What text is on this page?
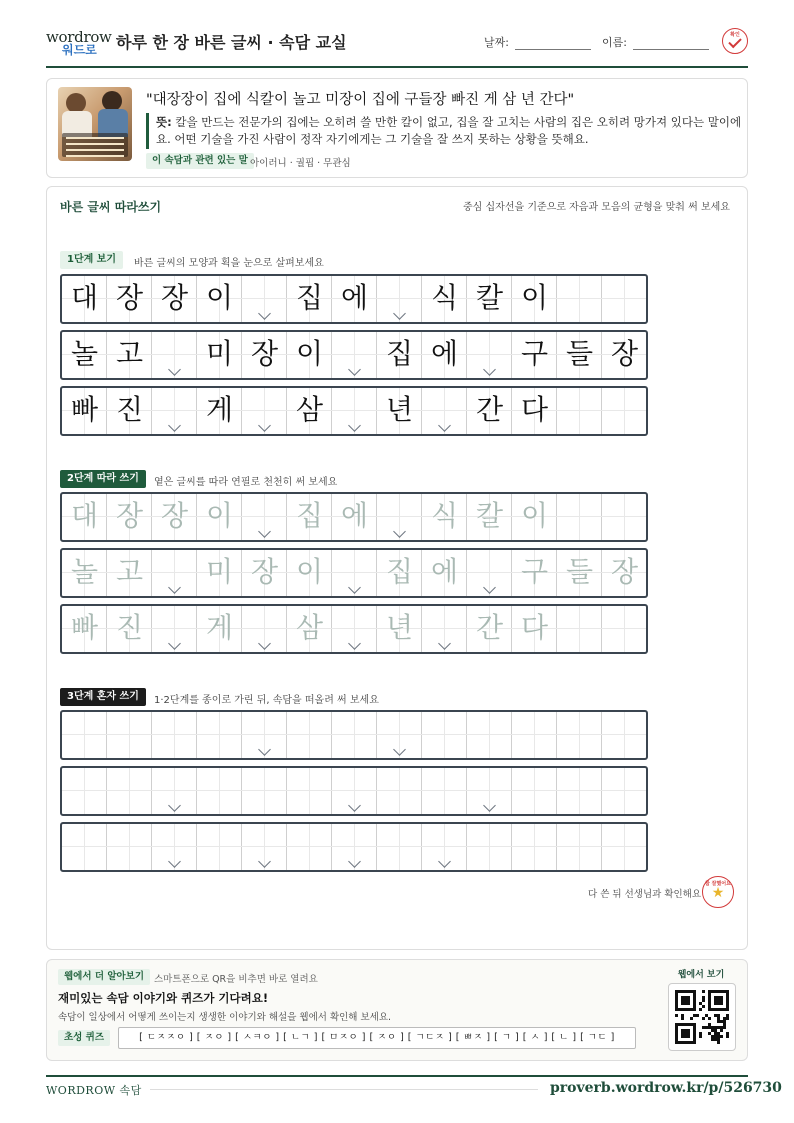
wordrow
워드로 하루 한 장 바른 글씨 · 속담 교실	날짜:	이름:
확인
"대장장이 집에 식칼이 놀고 미장이 집에 구들장 빠진 게 삼 년 간다"
뜻: 칼을 만드는 전문가의 집에는 오히려 쓸 만한 칼이 없고, 집을 잘 고치는 사람의 집은 오히려 망가져 있다는 말이에요. 어떤 기술을 가진 사람이 정작 자기에게는 그 기술을 잘 쓰지 못하는 상황을 뜻해요.
이 속담과 관련 있는 말 아이러니 · 궐핍 · 무관심
바른 글씨 따라쓰기	중심 십자선을 기준으로 자음과 모음의 균형을 맞춰 써 보세요
1단계 보기	바른 글씨의 모양과 획을 눈으로 살펴보세요
2단계 따라 쓰기	옅은 글씨를 따라 연필로 천천히 써 보세요
3단계 혼자 쓰기	1·2단계를 종이로 가린 뒤, 속담을 떠올려 써 보세요
대 장 장 이	집 에	식 칼 이
놀 고	미 장 이	집 에	구 들 장
빠 진	게	삼	년	간 다
대 장 장 이	집 에	식 칼 이
놀 고	미 장 이	집 에	구 들 장
빠 진	게	삼	년	간 다
다 쓴 뒤 선생님과 확인해요
참 잘했어요
★
웹에서 더 알아보기	스마트폰으로 QR을 비추면 바로 열려요
재미있는 속담 이야기와 퀴즈가 기다려요!
속담이 일상에서 어떻게 쓰이는지 생생한 이야기와 해설을 웹에서 확인해 보세요.
초성 퀴즈	[ ㄷㅈㅈㅇ ] [ ㅈㅇ ] [ ㅅㅋㅇ ] [ ㄴㄱ ] [ ㅁㅈㅇ ] [ ㅈㅇ ] [ ㄱㄷㅈ ] [ ㅃㅈ ] [ ㄱ ] [ ㅅ ] [ ㄴ ] [ ㄱㄷ ]
웹에서 보기
WORDROW 속담	proverb.wordrow.kr/p/526730
